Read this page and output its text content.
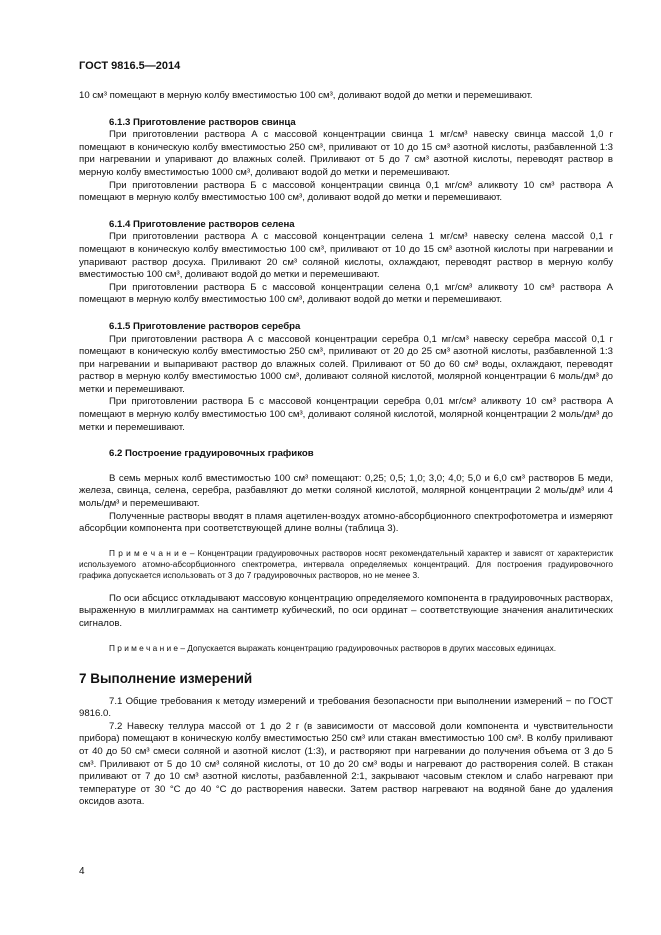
ГОСТ 9816.5—2014

10 см³ помещают в мерную колбу вместимостью 100 см³, доливают водой до метки и перемешивают.

6.1.3 Приготовление растворов свинца

При приготовлении раствора А с массовой концентрации свинца 1 мг/см³ навеску свинца массой 1,0 г помещают в коническую колбу вместимостью 250 см³, приливают от 10 до 15 см³ азотной кислоты, разбавленной 1:3 при нагревании и упаривают до влажных солей. Приливают от 5 до 7 см³ азотной кислоты, переводят раствор в мерную колбу вместимостью 1000 см³, доливают водой до метки и перемешивают.

При приготовлении раствора Б с массовой концентрации свинца 0,1 мг/см³ аликвоту 10 см³ раствора А помещают в мерную колбу вместимостью 100 см³, доливают водой до метки и перемешивают.

6.1.4 Приготовление растворов селена

При приготовлении раствора А с массовой концентрации селена 1 мг/см³ навеску селена массой 0,1 г помещают в коническую колбу вместимостью 100 см³, приливают от 10 до 15 см³ азотной кислоты при нагревании и упаривают раствор досуха. Приливают 20 см³ соляной кислоты, охлаждают, переводят раствор в мерную колбу вместимостью 100 см³, доливают водой до метки и перемешивают.

При приготовлении раствора Б с массовой концентрации селена 0,1 мг/см³ аликвоту 10 см³ раствора А помещают в мерную колбу вместимостью 100 см³, доливают водой до метки и перемешивают.

6.1.5 Приготовление растворов серебра

При приготовлении раствора А с массовой концентрации серебра 0,1 мг/см³ навеску серебра массой 0,1 г помещают в коническую колбу вместимостью 250 см³, приливают от 20 до 25 см³ азотной кислоты, разбавленной 1:3 при нагревании и выпаривают раствор до влажных солей. Приливают от 50 до 60 см³ воды, охлаждают, переводят раствор в мерную колбу вместимостью 1000 см³, доливают соляной кислотой, молярной концентрации 6 моль/дм³ до метки и перемешивают.

При приготовлении раствора Б с массовой концентрации серебра 0,01 мг/см³ аликвоту 10 см³ раствора А помещают в мерную колбу вместимостью 100 см³, доливают соляной кислотой, молярной концентрации 2 моль/дм³ до метки и перемешивают.

6.2 Построение градуировочных графиков

В семь мерных колб вместимостью 100 см³ помещают: 0,25; 0,5; 1,0; 3,0; 4,0; 5,0 и 6,0 см³ растворов Б меди, железа, свинца, селена, серебра, разбавляют до метки соляной кислотой, молярной концентрации 2 моль/дм³ или 4 моль/дм³ и перемешивают.

Полученные растворы вводят в пламя ацетилен-воздух атомно-абсорбционного спектрофотометра и измеряют абсорбции компонента при соответствующей длине волны (таблица 3).

П р и м е ч а н и е – Концентрации градуировочных растворов носят рекомендательный характер и зависят от характеристик используемого атомно-абсорбционного спектрометра, интервала определяемых концентраций. Для построения градуировочного графика допускается использовать от 3 до 7 градуировочных растворов, но не менее 3.

По оси абсцисс откладывают массовую концентрацию определяемого компонента в градуировочных растворах, выраженную в миллиграммах на сантиметр кубический, по оси ординат – соответствующие значения аналитических сигналов.

П р и м е ч а н и е – Допускается выражать концентрацию градуировочных растворов в других массовых единицах.

7 Выполнение измерений

7.1 Общие требования к методу измерений и требования безопасности при выполнении измерений − по ГОСТ 9816.0.

7.2 Навеску теллура массой от 1 до 2 г (в зависимости от массовой доли компонента и чувствительности прибора) помещают в коническую колбу вместимостью 250 см³ или стакан вместимостью 100 см³. В колбу приливают от 40 до 50 см³ смеси соляной и азотной кислот (1:3), и растворяют при нагревании до получения объема от 3 до 5 см³. Приливают от 5 до 10 см³ соляной кислоты, от 10 до 20 см³ воды и нагревают до растворения солей. В стакан приливают от 7 до 10 см³ азотной кислоты, разбавленной 2:1, закрывают часовым стеклом и слабо нагревают при температуре от 30 °С до 40 °С до растворения навески. Затем раствор нагревают на водяной бане до удаления оксидов азота.

4
